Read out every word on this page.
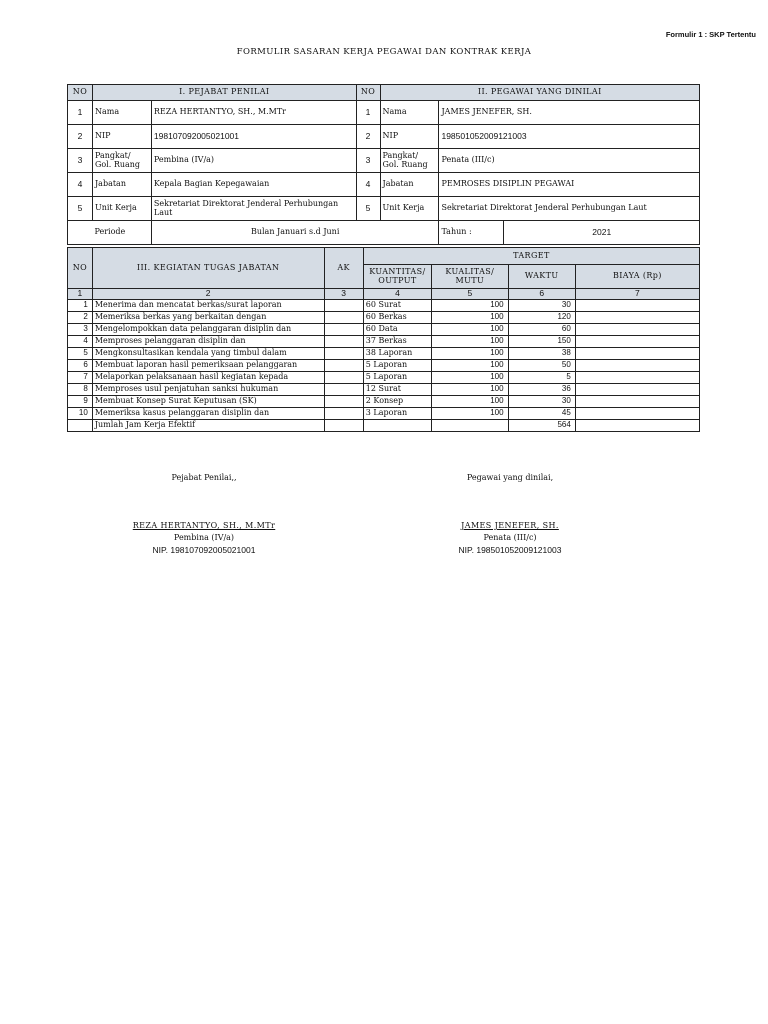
Formulir 1 : SKP Tertentu
FORMULIR SASARAN KERJA PEGAWAI DAN KONTRAK KERJA
NO	I. PEJABAT PENILAI		NO	II. PEGAWAI YANG DINILAI	
1	Nama	REZA HERTANTYO, SH., M.MTr	1	Nama	JAMES JENEFER, SH.
2	NIP	198107092005021001	2	NIP	198501052009121003
3	Pangkat/ Gol. Ruang	Pembina (IV/a)	3	Pangkat/ Gol. Ruang	Penata (III/c)
4	Jabatan	Kepala Bagian Kepegawaian	4	Jabatan	PEMROSES DISIPLIN PEGAWAI
5	Unit Kerja	Sekretariat Direktorat Jenderal Perhubungan Laut	5	Unit Kerja	Sekretariat Direktorat Jenderal Perhubungan Laut
	Periode	Bulan Januari s.d Juni			Tahun : 2021
NO	III. KEGIATAN TUGAS JABATAN	AK	TARGET			
			KUANTITAS/ OUTPUT	KUALITAS/ MUTU	WAKTU	BIAYA (Rp)
1	2	3	4	5	6	7
1	Menerima dan mencatat berkas/surat laporan		60 Surat	100	30	
2	Memeriksa berkas yang berkaitan dengan		60 Berkas	100	120	
3	Mengelompokkan data pelanggaran disiplin dan		60 Data	100	60	
4	Memproses pelanggaran disiplin dan		37 Berkas	100	150	
5	Mengkonsultasikan kendala yang timbul dalam		38 Laporan	100	38	
6	Membuat laporan hasil pemeriksaan pelanggaran		5 Laporan	100	50	
7	Melaporkan pelaksanaan hasil kegiatan kepada		5 Laporan	100	5	
8	Memproses usul penjatuhan sanksi hukuman		12 Surat	100	36	
9	Membuat Konsep Surat Keputusan (SK)		2 Konsep	100	30	
10	Memeriksa kasus pelanggaran disiplin dan		3 Laporan	100	45	
	Jumlah Jam Kerja Efektif				564	
Pejabat Penilai,,
REZA HERTANTYO, SH., M.MTr
Pembina (IV/a)
NIP. 198107092005021001
Pegawai yang dinilai,
JAMES JENEFER, SH.
Penata (III/c)
NIP. 198501052009121003
